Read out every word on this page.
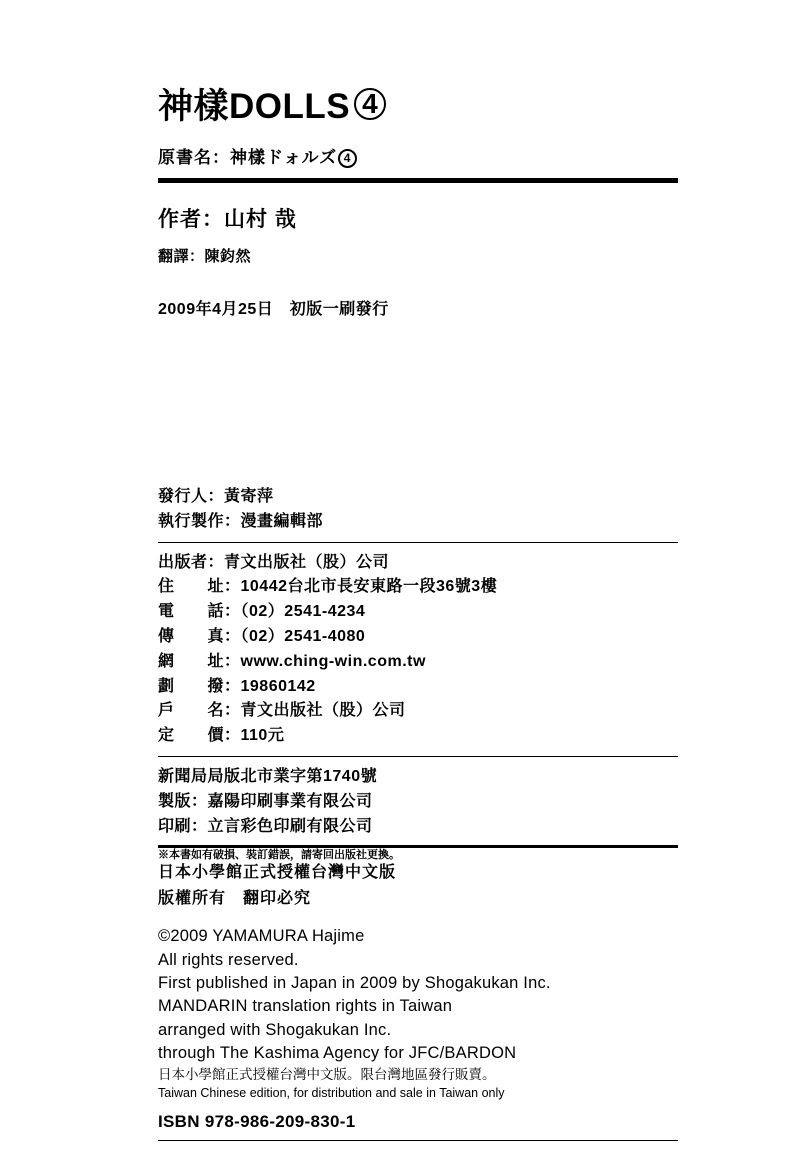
神樣DOLLS 4
原書名：神樣ドォルズ 4
作者：山村 哉
翻譯：陳鈞然
2009年4月25日　初版一刷發行
發行人：黃寄萍
執行製作：漫畫編輯部
出版者：青文出版社（股）公司
住　　址：10442台北市長安東路一段36號3樓
電　　話：（02）2541-4234
傳　　真：（02）2541-4080
網　　址：www.ching-win.com.tw
劃　　撥：19860142
戶　　名：青文出版社（股）公司
定　　價：110元
新聞局局版北市業字第1740號
製版：嘉陽印刷事業有限公司
印刷：立言彩色印刷有限公司
※本書如有破損、裝訂錯誤，請寄回出版社更換。
日本小學館正式授權台灣中文版
版權所有　翻印必究
©2009 YAMAMURA Hajime
All rights reserved.
First published in Japan in 2009 by Shogakukan Inc.
MANDARIN translation rights in Taiwan
arranged with Shogakukan Inc.
through The Kashima Agency for JFC/BARDON
日本小學館正式授權台灣中文版。限台灣地區發行販賣。
Taiwan Chinese edition, for distribution and sale in Taiwan only
ISBN 978-986-209-830-1
